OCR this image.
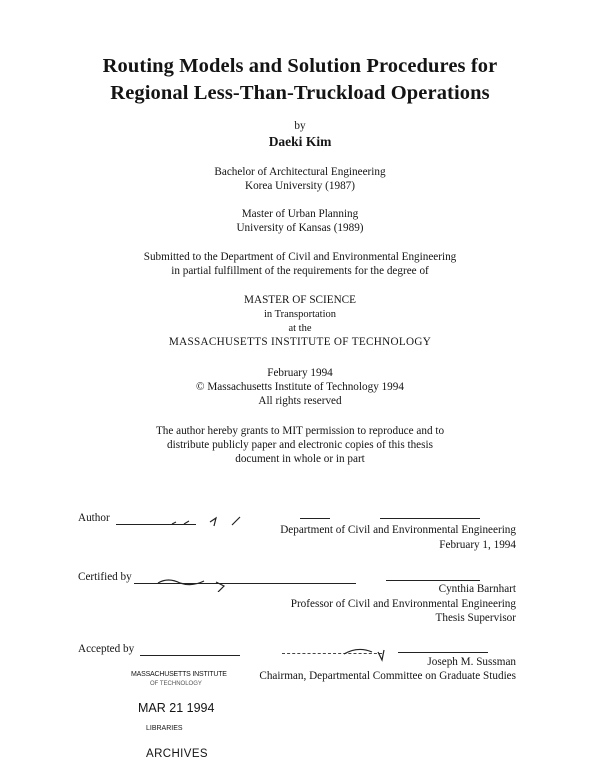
Routing Models and Solution Procedures for
Regional Less-Than-Truckload Operations
by
Daeki Kim
Bachelor of Architectural Engineering
Korea University (1987)
Master of Urban Planning
University of Kansas (1989)
Submitted to the Department of Civil and Environmental Engineering
in partial fulfillment of the requirements for the degree of
MASTER OF SCIENCE
in Transportation
at the
MASSACHUSETTS INSTITUTE OF TECHNOLOGY
February 1994
© Massachusetts Institute of Technology 1994
All rights reserved
The author hereby grants to MIT permission to reproduce and to
distribute publicly paper and electronic copies of this thesis
document in whole or in part
Author
Department of Civil and Environmental Engineering
February 1, 1994
Certified by
Cynthia Barnhart
Professor of Civil and Environmental Engineering
Thesis Supervisor
Accepted by
Joseph M. Sussman
Chairman, Departmental Committee on Graduate Studies
MASSACHUSETTS INSTITUTE
OF TECHNOLOGY
MAR 21 1994
LIBRARIES
ARCHIVES
